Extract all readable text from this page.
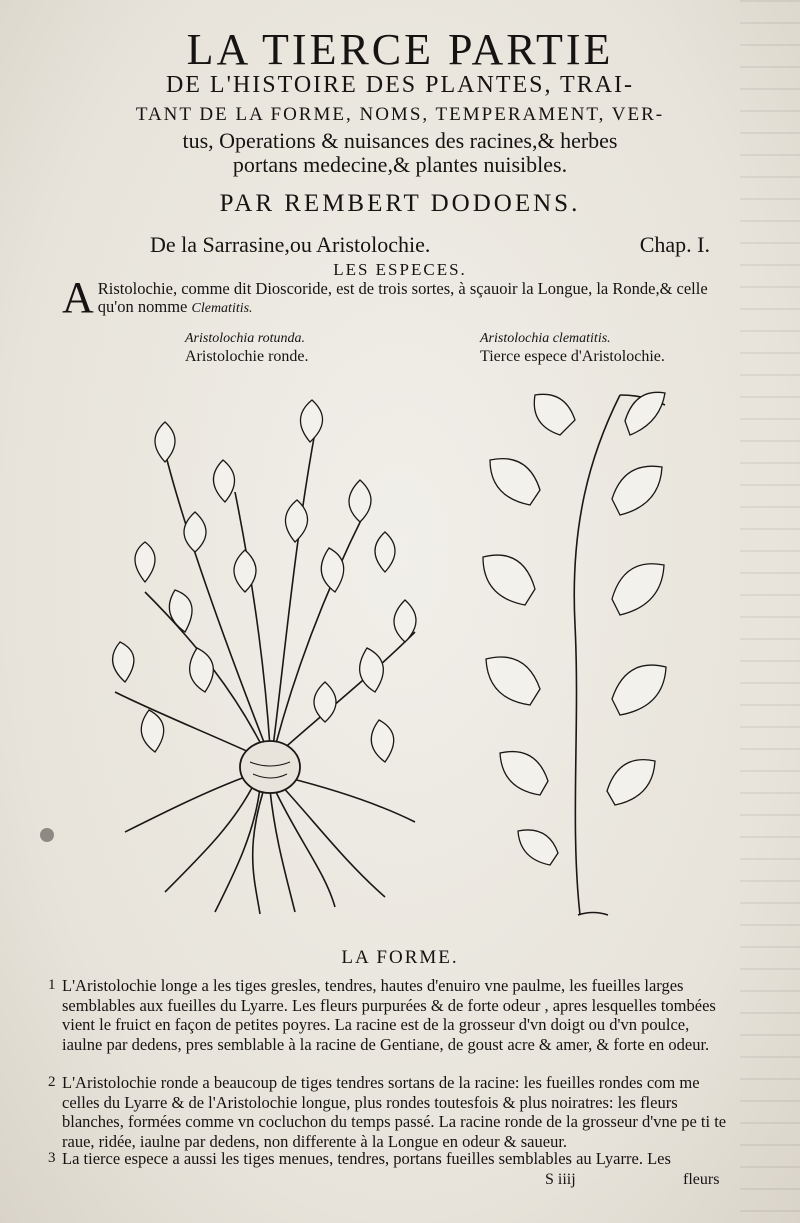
LA TIERCE PARTIE
DE L'HISTOIRE DES PLANTES, TRAI-
TANT DE LA FORME, NOMS, TEMPERAMENT, VER-
tus, Operations & nuisances des racines,& herbes
portans medecine,& plantes nuisibles.
PAR REMBERT DODOENS.
De la Sarrasine,ou Aristolochie.	Chap. I.
LES ESPECES.
A Ristolochie, comme dit Dioscoride, est de trois sortes, à sçauoir la Longue, la Ronde,& celle qu'on nomme Clematitis.
Aristolochia rotunda.
Aristolochie ronde.
Aristolochia clematitis.
Tierce espece d'Aristolochie.
LA FORME.
1 L'Aristolochie longe a les tiges gresles, tendres, hautes d'enuiro vne paulme, les fueilles larges semblables aux fueilles du Lyarre. Les fleurs purpurées & de forte odeur , apres lesquelles tombées vient le fruict en façon de petites poyres. La racine est de la grosseur d'vn doigt ou d'vn poulce, iaulne par dedens, pres semblable à la racine de Gentiane, de goust acre & amer, & forte en odeur.
2 L'Aristolochie ronde a beaucoup de tiges tendres sortans de la racine: les fueilles rondes com me celles du Lyarre & de l'Aristolochie longue, plus rondes toutesfois & plus noiratres: les fleurs blanches, formées comme vn cocluchon du temps passé. La racine ronde de la grosseur d'vne pe ti te raue, ridée, iaulne par dedens, non differente à la Longue en odeur & saueur.
3 La tierce espece a aussi les tiges menues, tendres, portans fueilles semblables au Lyarre. Les
S iiij	fleurs
